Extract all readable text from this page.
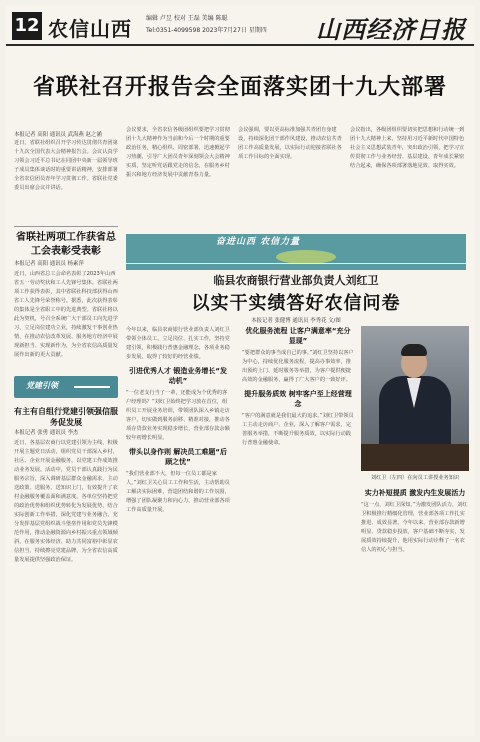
12 农信山西 编辑 卢昱 校对 王磊 美编 陈聪
Tel:0351-4099598 2023年7月27日 星期四 山西经济日报
省联社召开报告会全面落实团十九大部署
本报记者 高阳 通讯员 武海燕 赵之涵
近日，省联社组织召开学习传达贯彻共青团第十九次全国代表大会精神报告会。会议认真学习领会习近平总书记在同团中央新一届领导班子成员集体谈话时的重要讲话精神，安排部署全省农信团员青年学习贯彻工作。省联社党委委员出席会议并讲话。
会议要求，全省农信各级团组织要把学习贯彻团十九大精神作为当前和今后一个时期的重要政治任务，精心组织、周密部署，迅速掀起学习热潮，引导广大团员青年深刻领会大会精神实质，坚定听党话跟党走的信念，在服务乡村振兴和地方经济发展中贡献青春力量。
会议强调，要以更高标准加强共青团自身建设，持续深化团干部作风建设，推动农信共青团工作高质量发展，以实际行动迎接省联社各项工作目标的全面实现。
会议指出，各级团组织要切实把思想和行动统一到团十九大精神上来，坚持用习近平新时代中国特色社会主义思想武装青年，突出政治引领，把学习宣传贯彻工作与业务经营、基层建设、青年成长紧密结合起来，确保各项部署落地见效、取得实效。
省联社两项工作获省总工会表彰受表彰
本报记者 高阳 通讯员 杨素萍
近日，山西省总工会命名表彰了2023年山西省五一劳动奖状和工人先锋号集体。省联社两项工作获得表彰，其中省联社科技部获得山西省工人先锋号荣誉称号。据悉，此次获得表彰的集体是全省职工中的先进典型。省联社将以此为契机，号召全系统广大干部员工向先进学习，立足岗位建功立业，持续激发干事创业热情，在推动农信改革发展、服务地方经济中展现新担当、实现新作为，为全省农信高质量发展作出新的更大贡献。
党建引领
有主有自组行党建引领强信服务促发展
本报记者 张勇 通讯员 李杰
近日，各基层农商行以党建引领为主线，积极开展主题党日活动，组织党员干部深入乡村、社区、企业开展金融服务，以党建工作成效推动业务发展。活动中，党员干部认真践行为民服务宗旨，深入调研基层群众金融需求，主动送政策、送服务、送知识上门，有效提升了农村金融服务覆盖面和满意度。各单位坚持把党的政治优势和组织优势转化为发展优势，结合实际创新工作举措，深化党建与业务融合，充分发挥基层党组织战斗堡垒作用和党员先锋模范作用，推动金融资源向乡村振兴重点领域倾斜，在服务实体经济、助力共同富裕中彰显农信担当，持续擦亮党建品牌，为全省农信高质量发展提供坚强政治保证。
奋进山西 农信力量
临县农商银行营业部负责人刘红卫
以实干实绩答好农信问卷
本报记者 张健博 通讯员 李秀花 文/图
今年以来，临县农商银行营业部负责人刘红卫带领全体员工，立足岗位、扎实工作，坚持党建引领，积极践行普惠金融理念，各项业务稳步发展，取得了较好的经营业绩。
引进优秀人才 锻造业务增长“发动机”
“一位老支行当了一辈，还能成为个优秀的客户经理吗？”刘红卫始终把学习放在首位，组织员工开展业务培训，带领团队深入乡镇走访客户，切实做到服务前移、精准对接，推动各项存贷款业务实现稳步增长，营业部存款余额较年初增长明显。
带头以身作则 解决员工难题“后顾之忧”
“我们营业部不大，但每一位员工都是家人。”刘红卫关心员工工作和生活，主动帮助员工解决实际困难，营造团结和谐的工作氛围，增强了团队凝聚力和向心力，推动营业部各项工作高质量开展。
优化服务流程 让客户满意率“充分显现”
“要把群众的事当成自己的事。”刘红卫坚持以客户为中心，持续优化服务流程，提高办事效率，推出预约上门、延时服务等举措，为客户提供便捷高效的金融服务，赢得了广大客户的一致好评。
提升服务质效 树牢客户至上经营理念
“客户的满意就是我们最大的追求。”刘红卫带领员工主动走访商户、企业，深入了解客户需求，完善服务举措，不断提升服务质效，以实际行动践行普惠金融使命。
刘红卫（左四）在向员工讲授业务知识
实力补短提质 激发内生发展活力
“这一点，刘红卫深知。”为激发团队活力，刘红卫积极推行精细化管理，营业部各项工作扎实推进、成效显著。今年以来，营业部存款新增明显、贷款稳步投放，客户基础不断夯实，发展质效持续提升，他用实际行动诠释了一名农信人的初心与担当。
